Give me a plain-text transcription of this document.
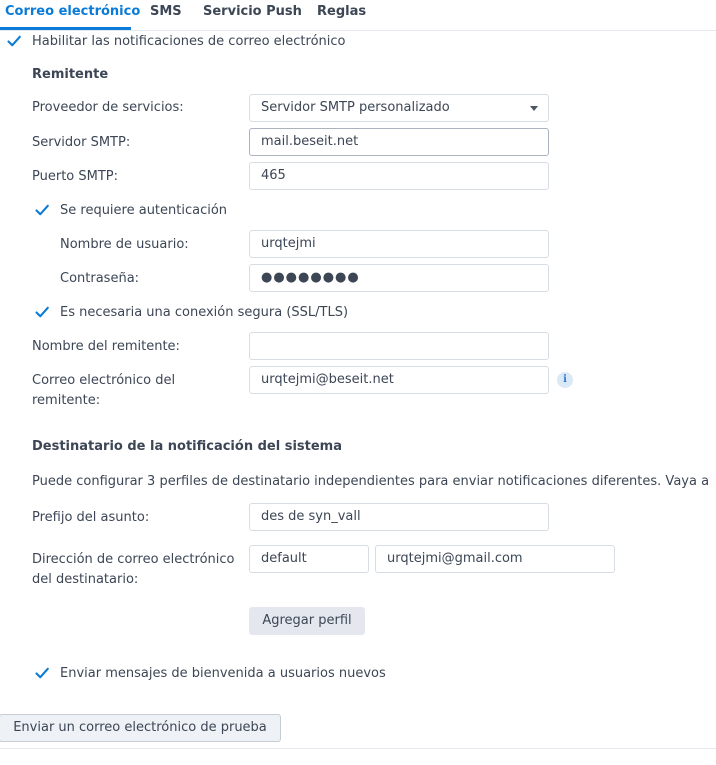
Correo electrónico SMS Servicio Push Reglas
Habilitar las notificaciones de correo electrónico
Remitente
Proveedor de servicios:	Servidor SMTP personalizado
Servidor SMTP:	mail.beseit.net
Puerto SMTP:	465
Se requiere autenticación
Nombre de usuario:	urqtejmi
Contraseña:	●●●●●●●●
Es necesaria una conexión segura (SSL/TLS)
Nombre del remitente:
Correo electrónico del
remitente:
urqtejmi@beseit.net	i
Destinatario de la notificación del sistema
Puede configurar 3 perfiles de destinatario independientes para enviar notificaciones diferentes. Vaya a
Prefijo del asunto:	des de syn_vall
Dirección de correo electrónico
del destinatario:
default	urqtejmi@gmail.com
Agregar perfil
Enviar mensajes de bienvenida a usuarios nuevos
Enviar un correo electrónico de prueba
